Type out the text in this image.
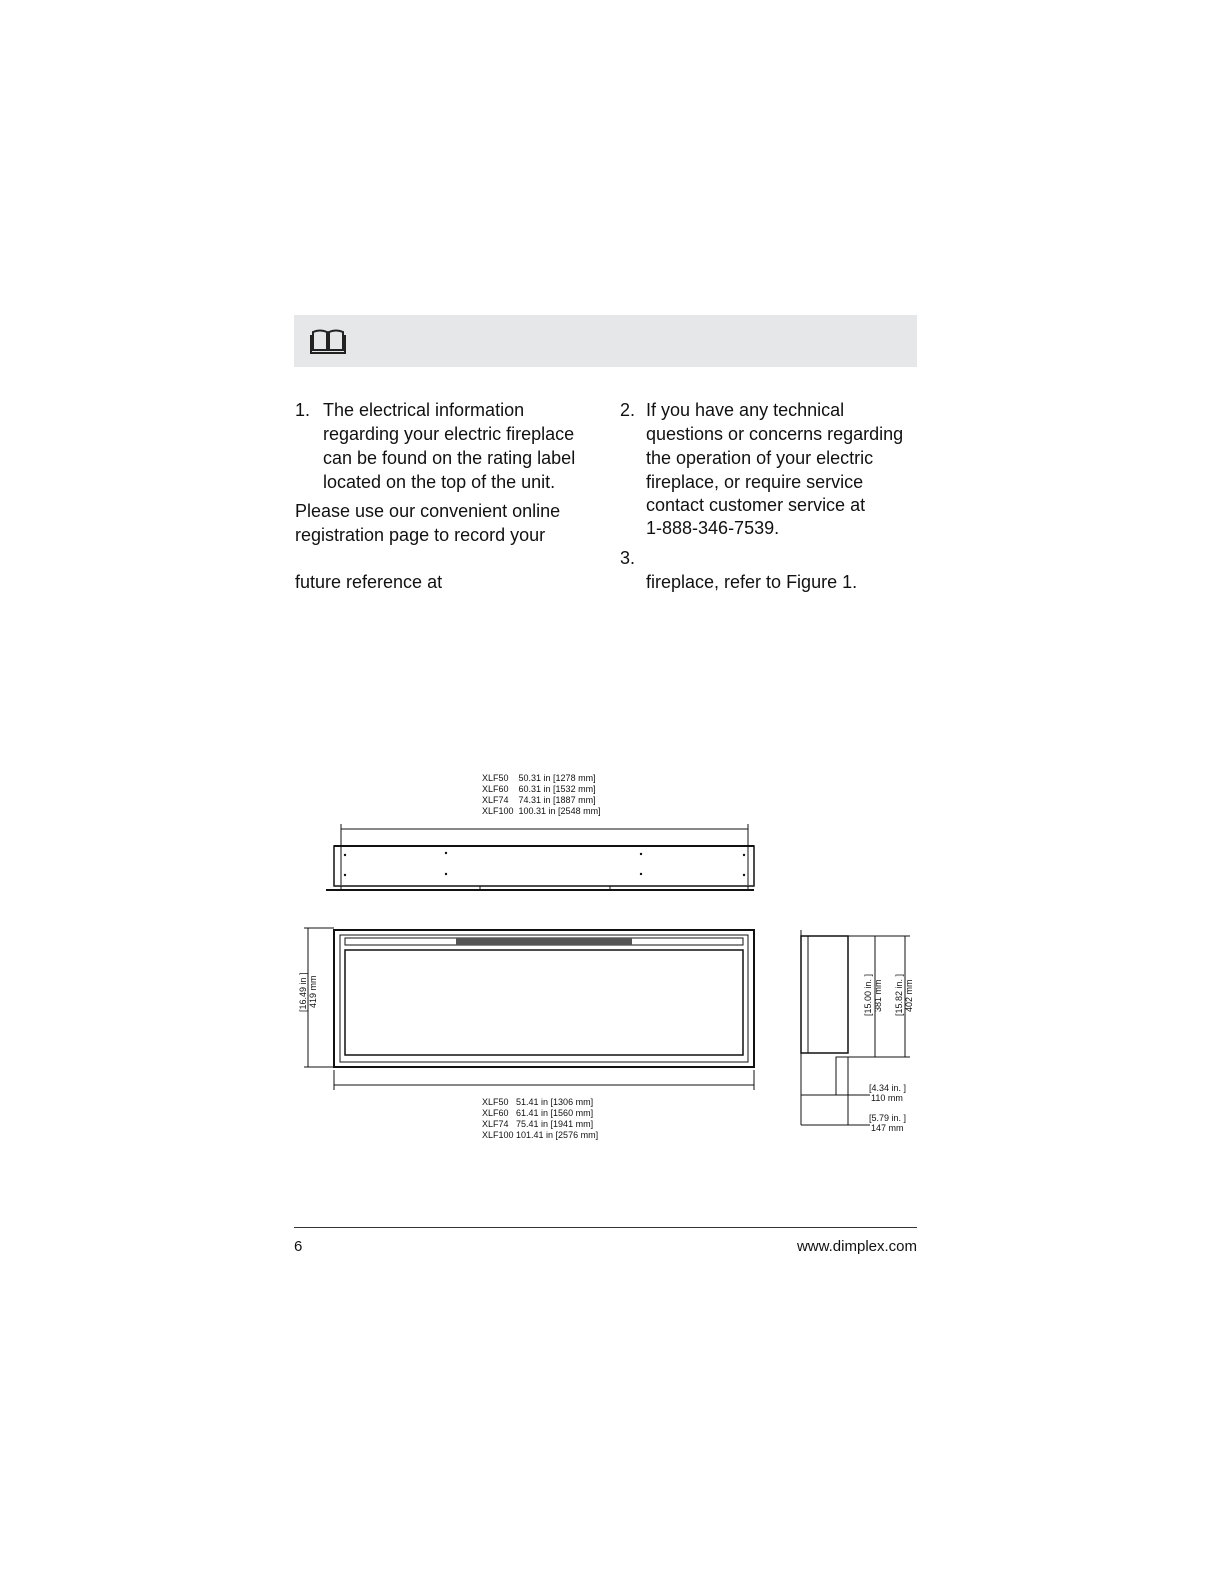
1. The electrical information
regarding your electric fireplace
can be found on the rating label
located on the top of the unit.
Please use our convenient online
registration page to record your
future reference at
2. If you have any technical
questions or concerns regarding
the operation of your electric
fireplace, or require service
contact customer service at
1-888-346-7539.
3.
fireplace, refer to Figure 1.
XLF50    50.31 in [1278 mm]
XLF60    60.31 in [1532 mm]
XLF74    74.31 in [1887 mm]
XLF100  100.31 in [2548 mm]
[16.49 in ] 419 mm
XLF50   51.41 in [1306 mm]
XLF60   61.41 in [1560 mm]
XLF74   75.41 in [1941 mm]
XLF100 101.41 in [2576 mm]
[15.00 in. ] 381 mm [15.82 in. ] 402 mm
[4.34 in. ]
110 mm
[5.79 in. ]
147 mm
6	www.dimplex.com
